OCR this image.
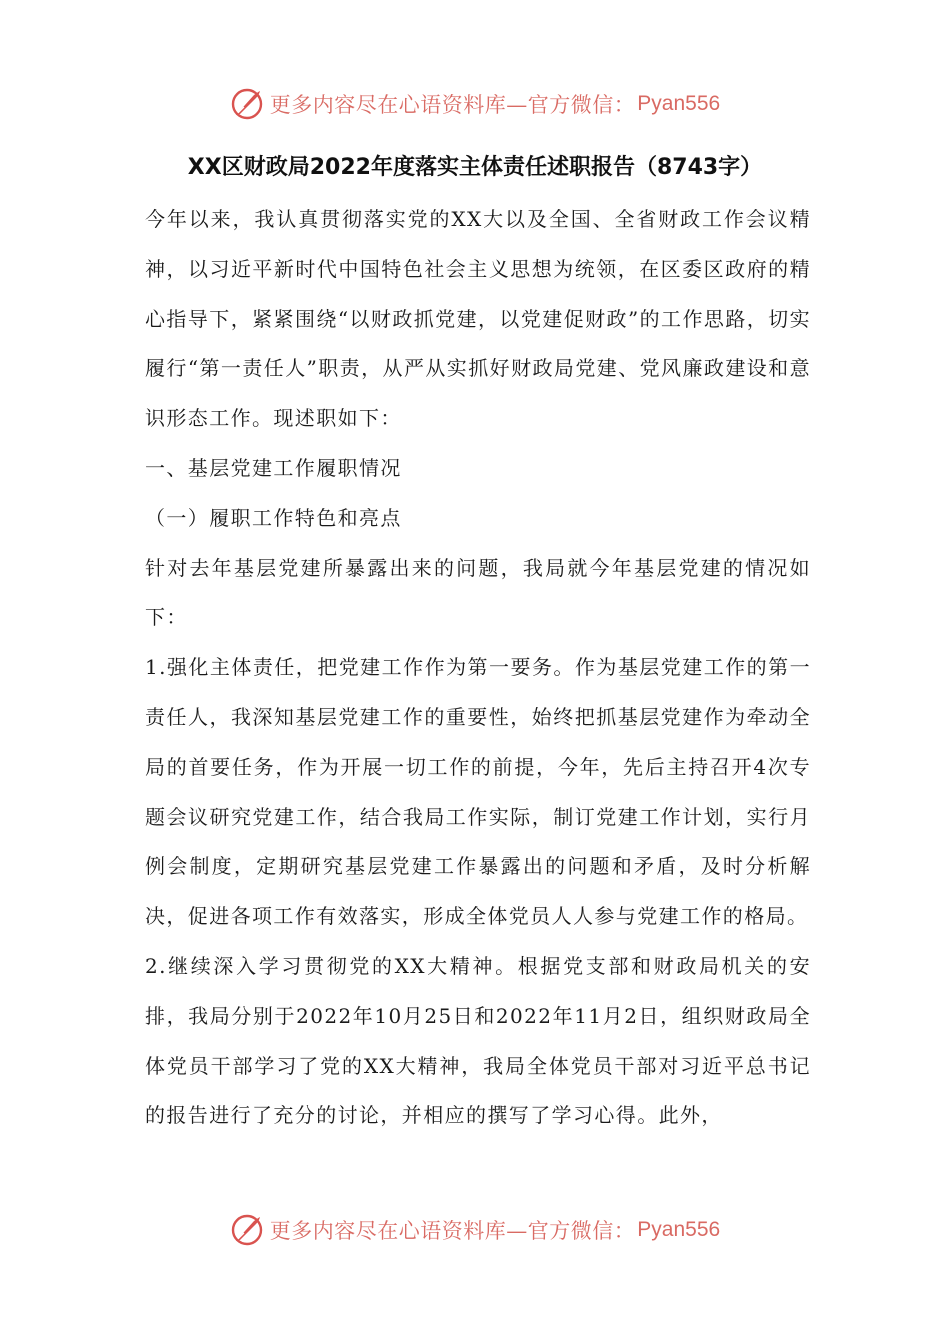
更多内容尽在心语资料库—官方微信： Pyan556
XX区财政局2022年度落实主体责任述职报告（8743字）

今年以来，我认真贯彻落实党的XX大以及全国、全省财政工作会议精神，以习近平新时代中国特色社会主义思想为统领，在区委区政府的精心指导下，紧紧围绕“以财政抓党建，以党建促财政”的工作思路，切实履行“第一责任人”职责，从严从实抓好财政局党建、党风廉政建设和意识形态工作。现述职如下：

一、基层党建工作履职情况

（一）履职工作特色和亮点

针对去年基层党建所暴露出来的问题，我局就今年基层党建的情况如下：

1.强化主体责任，把党建工作作为第一要务。作为基层党建工作的第一责任人，我深知基层党建工作的重要性，始终把抓基层党建作为牵动全局的首要任务，作为开展一切工作的前提，今年，先后主持召开4次专题会议研究党建工作，结合我局工作实际，制订党建工作计划，实行月例会制度，定期研究基层党建工作暴露出的问题和矛盾，及时分析解决，促进各项工作有效落实，形成全体党员人人参与党建工作的格局。

2.继续深入学习贯彻党的XX大精神。根据党支部和财政局机关的安排，我局分别于2022年10月25日和2022年11月2日，组织财政局全体党员干部学习了党的XX大精神，我局全体党员干部对习近平总书记的报告进行了充分的讨论，并相应的撰写了学习心得。此外，

更多内容尽在心语资料库—官方微信： Pyan556
